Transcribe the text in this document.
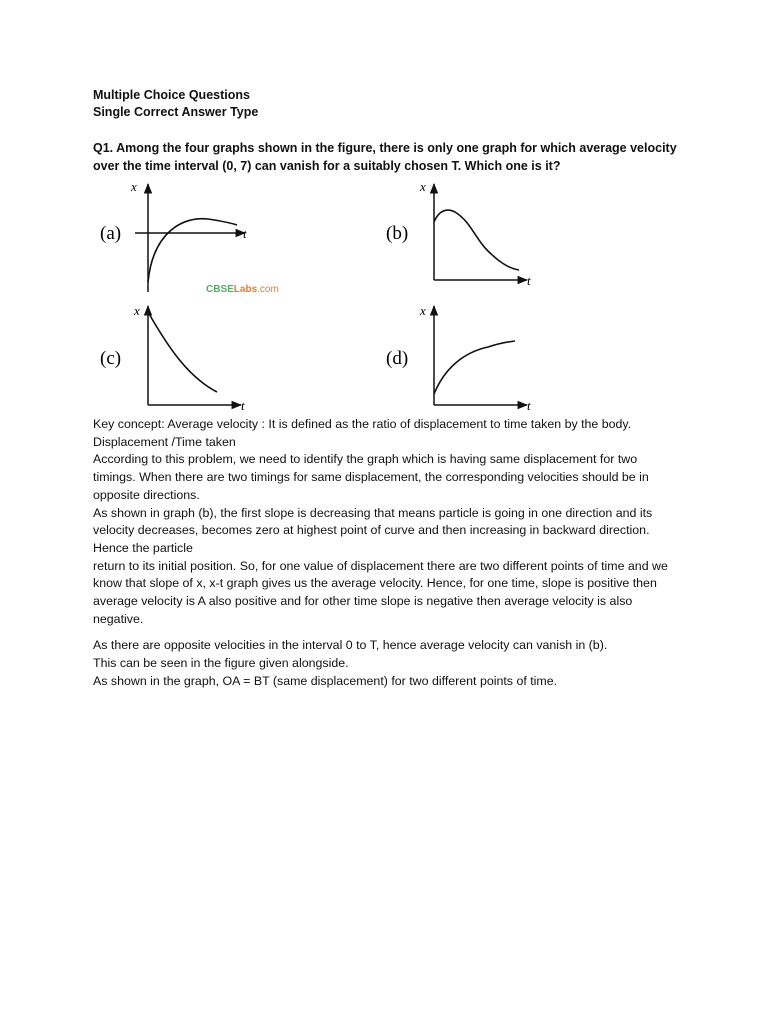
Multiple Choice Questions
Single Correct Answer Type
Q1. Among the four graphs shown in the figure, there is only one graph for which average velocity over the time interval (0, 7) can vanish for a suitably chosen T. Which one is it?
(a)
x
t	(b)
x
t
CBSELabs.com
(c)
x
t
(d)
x
t

Key concept: Average velocity : It is defined as the ratio of displacement to time taken by the body.

Displacement /Time taken

According to this problem, we need to identify the graph which is having same displacement for two timings. When there are two timings for same displacement, the corresponding velocities should be in opposite directions.

As shown in graph (b), the first slope is decreasing that means particle is going in one direction and its velocity decreases, becomes zero at highest point of curve and then increasing in backward direction. Hence the particle

return to its initial position. So, for one value of displacement there are two different points of time and we know that slope of x, x-t graph gives us the average velocity. Hence, for one time, slope is positive then average velocity is A also positive and for other time slope is negative then average velocity is also negative.

As there are opposite velocities in the interval 0 to T, hence average velocity can vanish in (b).

This can be seen in the figure given alongside.

As shown in the graph, OA = BT (same displacement) for two different points of time.
